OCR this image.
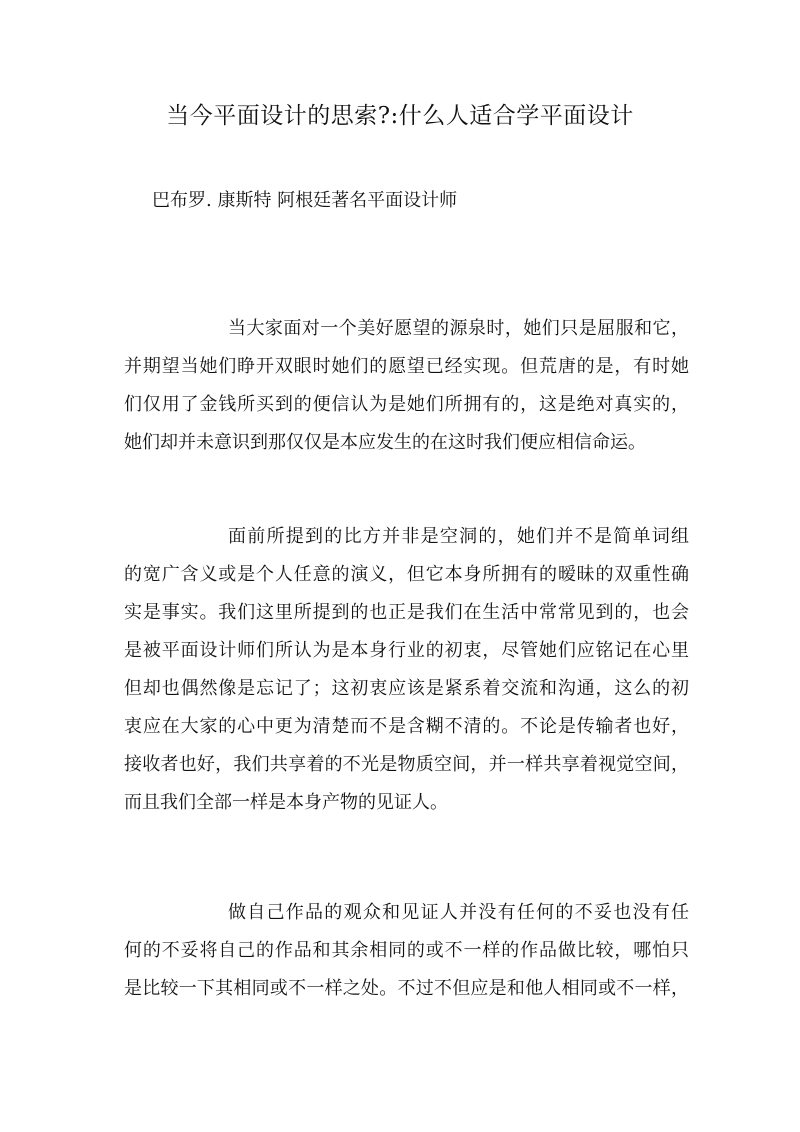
当今平面设计的思索?:什么人适合学平面设计
巴布罗. 康斯特 阿根廷著名平面设计师
当大家面对一个美好愿望的源泉时，她们只是屈服和它，
并期望当她们睁开双眼时她们的愿望已经实现。但荒唐的是，有时她
们仅用了金钱所买到的便信认为是她们所拥有的，这是绝对真实的，
她们却并未意识到那仅仅是本应发生的在这时我们便应相信命运。
面前所提到的比方并非是空洞的，她们并不是简单词组
的宽广含义或是个人任意的演义，但它本身所拥有的暧昧的双重性确
实是事实。我们这里所提到的也正是我们在生活中常常见到的，也会
是被平面设计师们所认为是本身行业的初衷，尽管她们应铭记在心里
但却也偶然像是忘记了；这初衷应该是紧系着交流和沟通，这么的初
衷应在大家的心中更为清楚而不是含糊不清的。不论是传输者也好，
接收者也好，我们共享着的不光是物质空间，并一样共享着视觉空间，
而且我们全部一样是本身产物的见证人。
做自己作品的观众和见证人并没有任何的不妥也没有任
何的不妥将自己的作品和其余相同的或不一样的作品做比较，哪怕只
是比较一下其相同或不一样之处。不过不但应是和他人相同或不一样，
